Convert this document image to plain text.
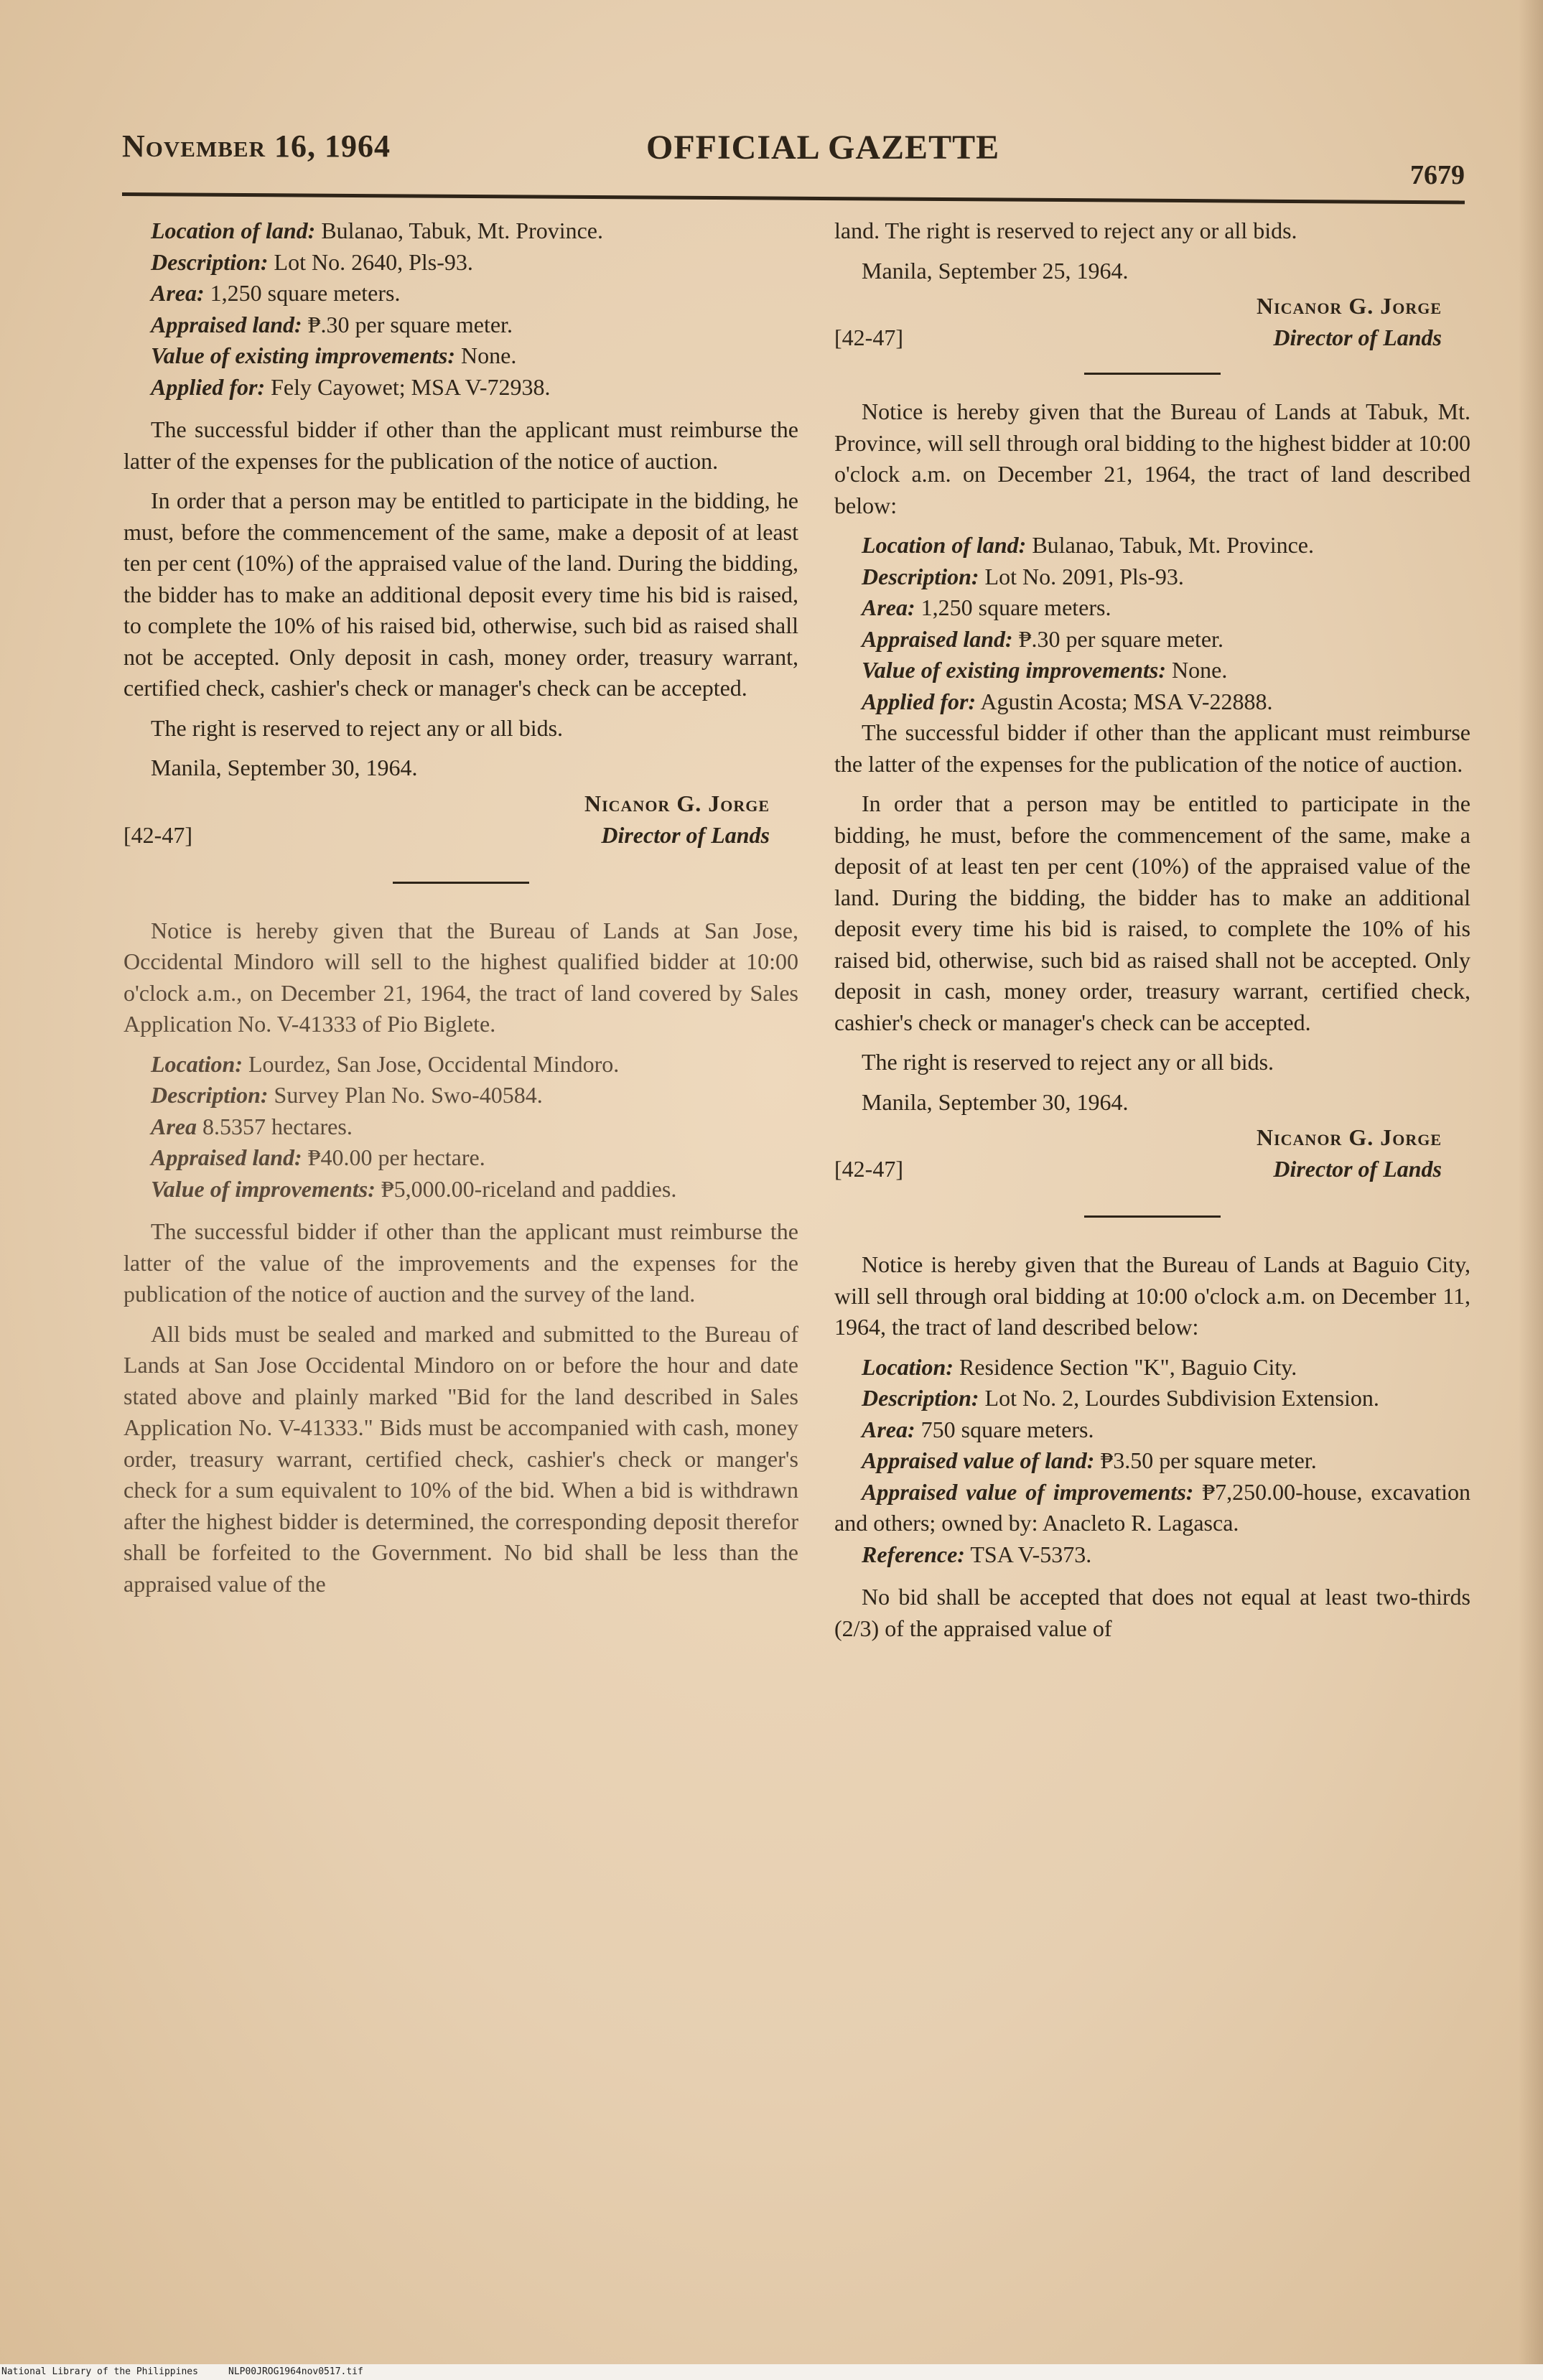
November 16, 1964	OFFICIAL GAZETTE
7679

Location of land: Bulanao, Tabuk, Mt. Province.

Description: Lot No. 2640, Pls-93.

Area: 1,250 square meters.

Appraised land: ₱.30 per square meter.

Value of existing improvements: None.

Applied for: Fely Cayowet; MSA V-72938.

The successful bidder if other than the applicant must reimburse the latter of the expenses for the publication of the notice of auction.

In order that a person may be entitled to participate in the bidding, he must, before the commencement of the same, make a deposit of at least ten per cent (10%) of the appraised value of the land. During the bidding, the bidder has to make an additional deposit every time his bid is raised, to complete the 10% of his raised bid, otherwise, such bid as raised shall not be accepted. Only deposit in cash, money order, treasury warrant, certified check, cashier's check or manager's check can be accepted.

The right is reserved to reject any or all bids.

Manila, September 30, 1964.

Nicanor G. Jorge
[42-47]	Director of Lands

Notice is hereby given that the Bureau of Lands at San Jose, Occidental Mindoro will sell to the highest qualified bidder at 10:00 o'clock a.m., on December 21, 1964, the tract of land covered by Sales Application No. V-41333 of Pio Biglete.

Location: Lourdez, San Jose, Occidental Mindoro.

Description: Survey Plan No. Swo-40584.

Area 8.5357 hectares.

Appraised land: ₱40.00 per hectare.

Value of improvements: ₱5,000.00-riceland and paddies.

The successful bidder if other than the applicant must reimburse the latter of the value of the improvements and the expenses for the publication of the notice of auction and the survey of the land.

All bids must be sealed and marked and submitted to the Bureau of Lands at San Jose Occidental Mindoro on or before the hour and date stated above and plainly marked "Bid for the land described in Sales Application No. V-41333." Bids must be accompanied with cash, money order, treasury warrant, certified check, cashier's check or manger's check for a sum equivalent to 10% of the bid. When a bid is withdrawn after the highest bidder is determined, the corresponding deposit therefor shall be forfeited to the Government. No bid shall be less than the appraised value of the

land. The right is reserved to reject any or all bids.

Manila, September 25, 1964.

Nicanor G. Jorge
[42-47]	Director of Lands

Notice is hereby given that the Bureau of Lands at Tabuk, Mt. Province, will sell through oral bidding to the highest bidder at 10:00 o'clock a.m. on December 21, 1964, the tract of land described below:

Location of land: Bulanao, Tabuk, Mt. Province.

Description: Lot No. 2091, Pls-93.

Area: 1,250 square meters.

Appraised land: ₱.30 per square meter.

Value of existing improvements: None.

Applied for: Agustin Acosta; MSA V-22888.

The successful bidder if other than the applicant must reimburse the latter of the expenses for the publication of the notice of auction.

In order that a person may be entitled to participate in the bidding, he must, before the commencement of the same, make a deposit of at least ten per cent (10%) of the appraised value of the land. During the bidding, the bidder has to make an additional deposit every time his bid is raised, to complete the 10% of his raised bid, otherwise, such bid as raised shall not be accepted. Only deposit in cash, money order, treasury warrant, certified check, cashier's check or manager's check can be accepted.

The right is reserved to reject any or all bids.

Manila, September 30, 1964.

Nicanor G. Jorge
[42-47]	Director of Lands

Notice is hereby given that the Bureau of Lands at Baguio City, will sell through oral bidding at 10:00 o'clock a.m. on December 11, 1964, the tract of land described below:

Location: Residence Section "K", Baguio City.

Description: Lot No. 2, Lourdes Subdivision Extension.

Area: 750 square meters.

Appraised value of land: ₱3.50 per square meter.

Appraised value of improvements: ₱7,250.00-house, excavation and others; owned by: Anacleto R. Lagasca.

Reference: TSA V-5373.

No bid shall be accepted that does not equal at least two-thirds (2/3) of the appraised value of

National Library of the Philippines	NLP00JROG1964nov0517.tif
